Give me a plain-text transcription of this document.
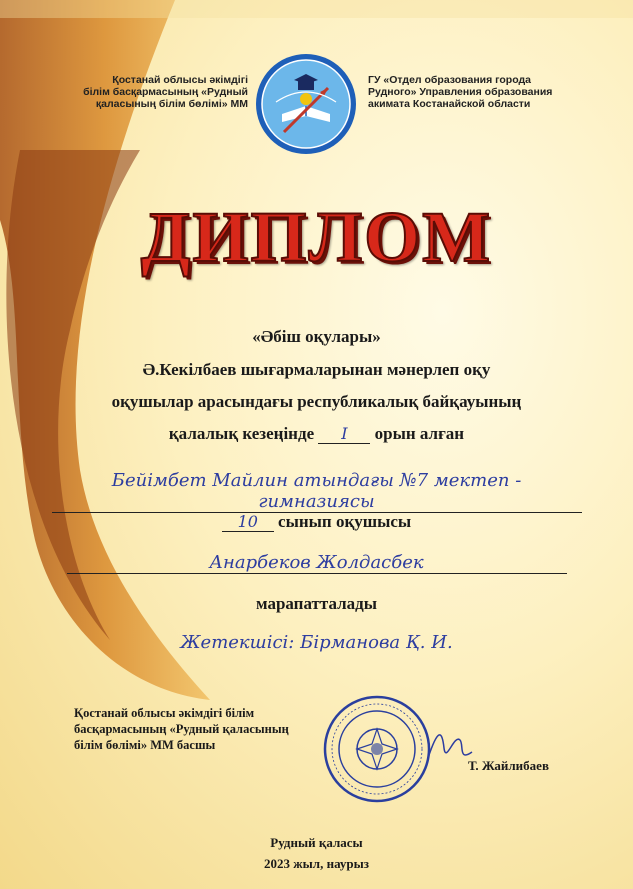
Қостанай облысы әкімдігі
білім басқармасының «Рудный
қаласының білім бөлімі» ММ
ГУ «Отдел образования города
Рудного» Управления образования
акимата Костанайской области
ДИПЛОМ
«Әбіш оқулары»
Ә.Кекілбаев шығармаларынан мәнерлеп оқу
оқушылар арасындағы республикалық байқауының
қалалық кезеңінде I орын алған
Бейімбет Майлин атындағы №7 мектеп - гимназиясы
10 сынып оқушысы
Анарбеков Жолдасбек
марапатталады
Жетекшісі: Бірманова Қ. И.
Қостанай облысы әкімдігі білім
басқармасының «Рудный қаласының
білім бөлімі» ММ басшы
Т. Жайлибаев
Рудный қаласы
2023 жыл, наурыз
